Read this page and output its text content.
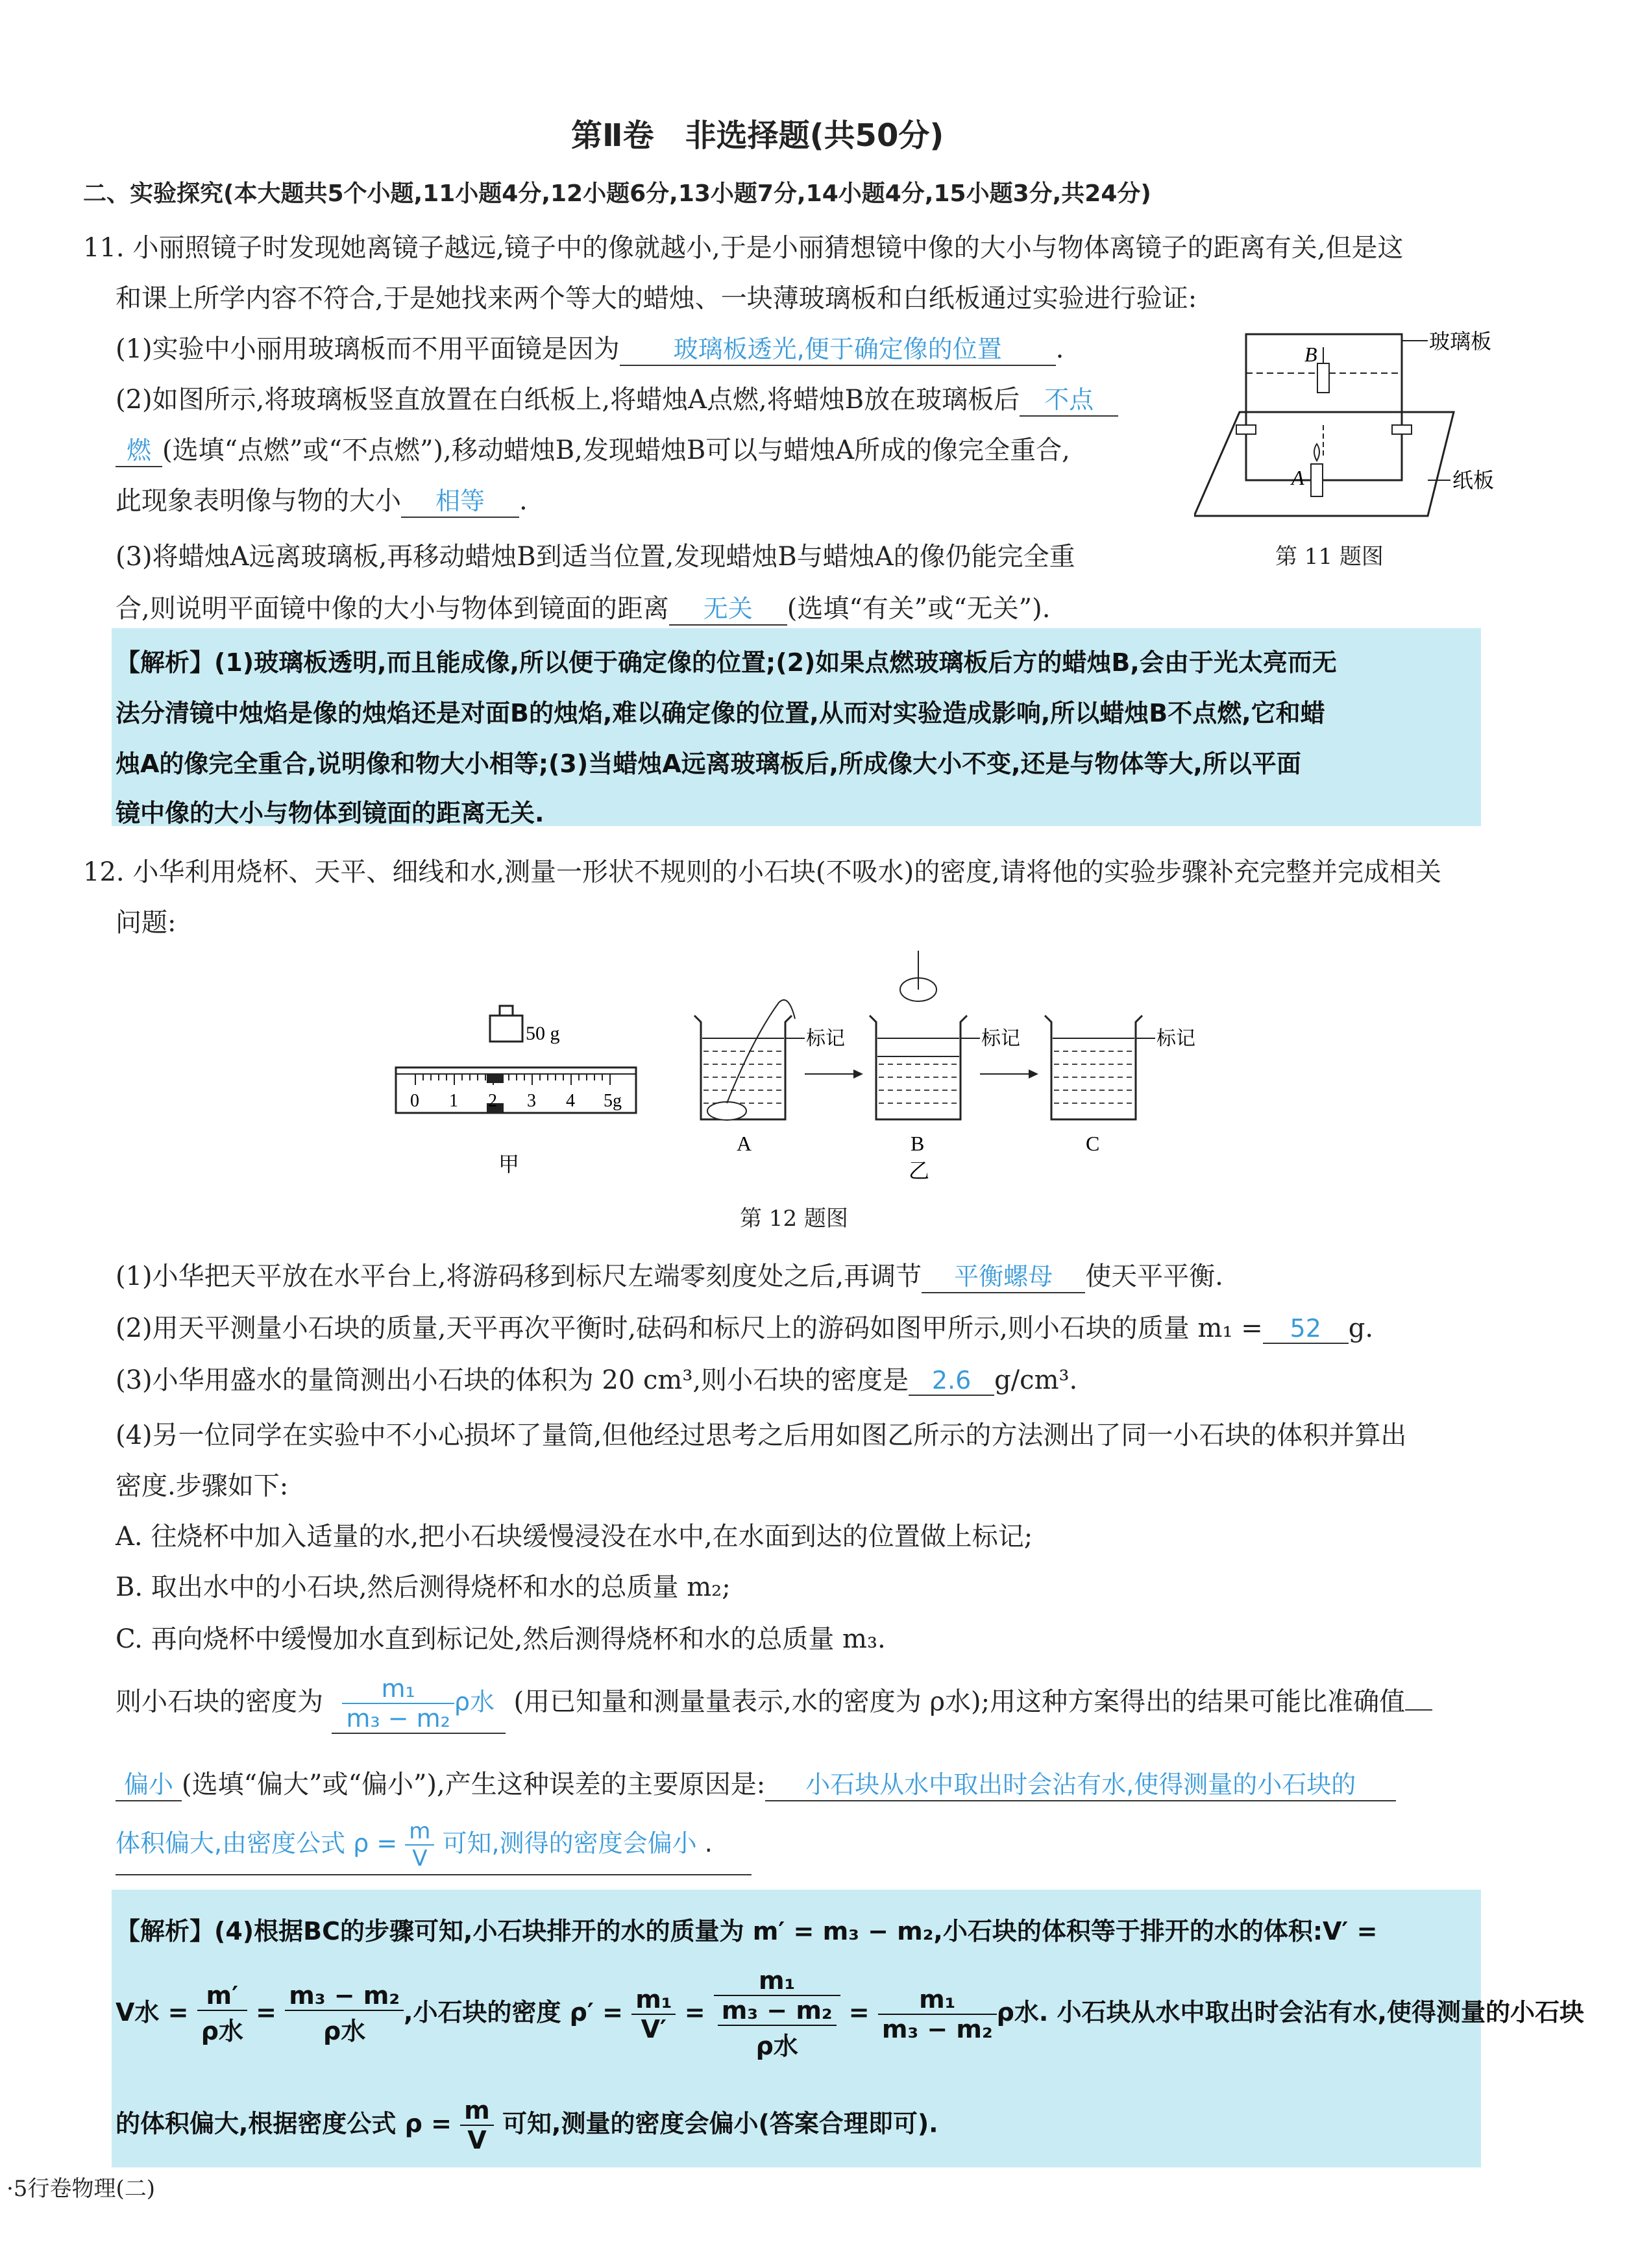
第Ⅱ卷　非选择题(共50分)
二、实验探究(本大题共5个小题,11小题4分,12小题6分,13小题7分,14小题4分,15小题3分,共24分)
11. 小丽照镜子时发现她离镜子越远,镜子中的像就越小,于是小丽猜想镜中像的大小与物体离镜子的距离有关,但是这
和课上所学内容不符合,于是她找来两个等大的蜡烛、一块薄玻璃板和白纸板通过实验进行验证:
(1)实验中小丽用玻璃板而不用平面镜是因为 玻璃板透光,便于确定像的位置 .
(2)如图所示,将玻璃板竖直放置在白纸板上,将蜡烛A点燃,将蜡烛B放在玻璃板后 不点
燃 (选填“点燃”或“不点燃”),移动蜡烛B,发现蜡烛B可以与蜡烛A所成的像完全重合,
此现象表明像与物的大小 相等 .
(3)将蜡烛A远离玻璃板,再移动蜡烛B到适当位置,发现蜡烛B与蜡烛A的像仍能完全重
合,则说明平面镜中像的大小与物体到镜面的距离 无关 (选填“有关”或“无关”).
B
A
玻璃板
纸板
第 11 题图
【解析】(1)玻璃板透明,而且能成像,所以便于确定像的位置;(2)如果点燃玻璃板后方的蜡烛B,会由于光太亮而无
法分清镜中烛焰是像的烛焰还是对面B的烛焰,难以确定像的位置,从而对实验造成影响,所以蜡烛B不点燃,它和蜡
烛A的像完全重合,说明像和物大小相等;(3)当蜡烛A远离玻璃板后,所成像大小不变,还是与物体等大,所以平面
镜中像的大小与物体到镜面的距离无关.
12. 小华利用烧杯、天平、细线和水,测量一形状不规则的小石块(不吸水)的密度,请将他的实验步骤补充完整并完成相关
问题:
50 g
0 1 2 3 4 5g
甲
标记
A
标记
B
乙
标记
C
第 12 题图
(1)小华把天平放在水平台上,将游码移到标尺左端零刻度处之后,再调节 平衡螺母 使天平平衡.
(2)用天平测量小石块的质量,天平再次平衡时,砝码和标尺上的游码如图甲所示,则小石块的质量 m₁ = 52 g.
(3)小华用盛水的量筒测出小石块的体积为 20 cm³,则小石块的密度是 2.6 g/cm³.
(4)另一位同学在实验中不小心损坏了量筒,但他经过思考之后用如图乙所示的方法测出了同一小石块的体积并算出
密度.步骤如下:
A. 往烧杯中加入适量的水,把小石块缓慢浸没在水中,在水面到达的位置做上标记;
B. 取出水中的小石块,然后测得烧杯和水的总质量 m₂;
C. 再向烧杯中缓慢加水直到标记处,然后测得烧杯和水的总质量 m₃.
则小石块的密度为 $\frac{\text{m₁}}{\text{m₃ − m₂}}$ ρ水 (用已知量和测量量表示,水的密度为 ρ水);用这种方案得出的结果可能比准确值
偏小 (选填“偏大”或“偏小”),产生这种误差的主要原因是: 小石块从水中取出时会沾有水,使得测量的小石块的
体积偏大,由密度公式 $\rho = \frac{m}{V}$ 可知,测得的密度会偏小 .
【解析】(4)根据BC的步骤可知,小石块排开的水的质量为 m′ = m₃ − m₂,小石块的体积等于排开的水的体积:V′ =
V水 = $\frac{m'}{\text{ρ水}} = \frac{\text{m₃ − m₂}}{\text{ρ水}}$ ,小石块的密度 $\rho' = \frac{\text{m₁}}{V'} = \frac{\text{m₁}}{\frac{\text{m₃ − m₂}}{\text{ρ水}}} = \frac{\text{m₁}}{\text{m₃ − m₂}}$ ρ水. 小石块从水中取出时会沾有水,使得测量的小石块
的体积偏大,根据密度公式 $\rho = \frac{m}{V}$ 可知,测量的密度会偏小(答案合理即可).
·5行卷物理(二)
